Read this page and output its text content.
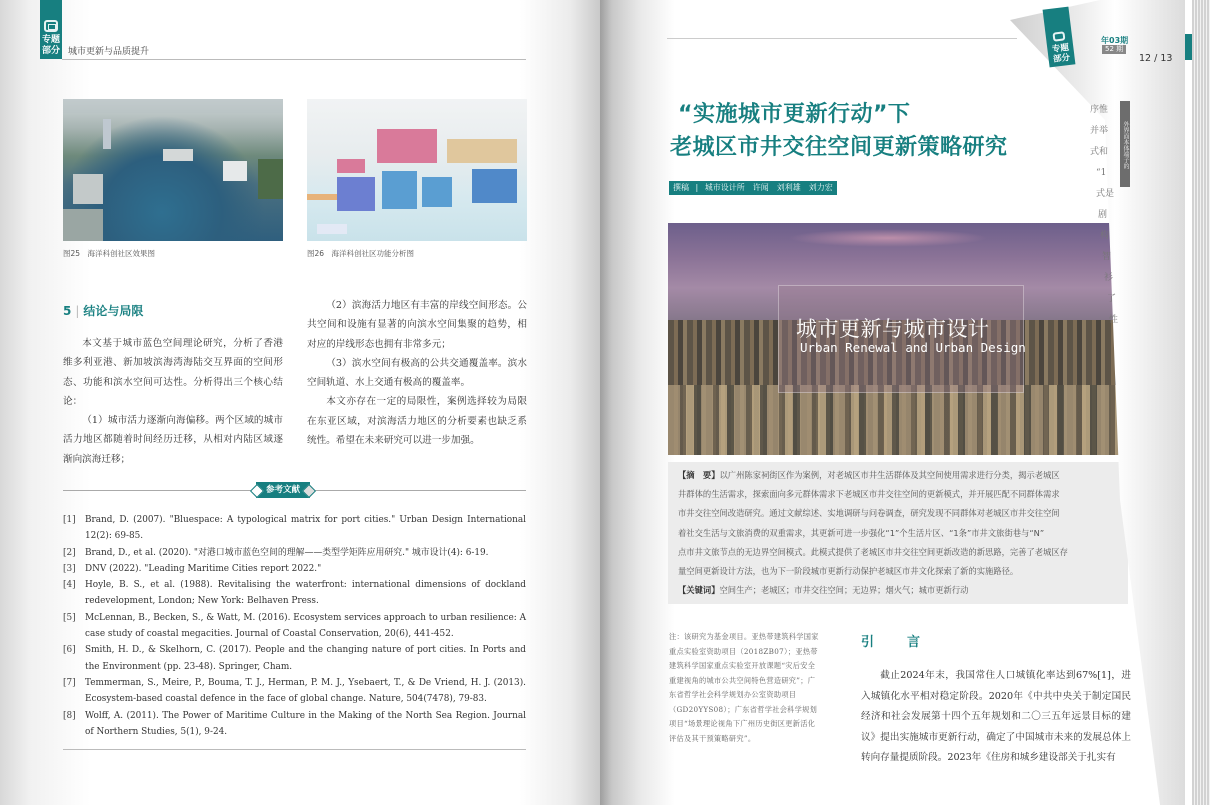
专题
部分 城市更新与品质提升
图25　海洋科创社区效果图	图26　海洋科创社区功能分析图
5 | 结论与局限

本文基于城市蓝色空间理论研究，分析了香港维多利亚港、新加坡滨海湾海陆交互界面的空间形态、功能和滨水空间可达性。分析得出三个核心结论：

（1）城市活力逐渐向海偏移。两个区域的城市活力地区都随着时间经历迁移，从相对内陆区域逐渐向滨海迁移；

（2）滨海活力地区有丰富的岸线空间形态。公共空间和设施有显著的向滨水空间集聚的趋势，相对应的岸线形态也拥有非常多元；

（3）滨水空间有极高的公共交通覆盖率。滨水空间轨道、水上交通有极高的覆盖率。

本文亦存在一定的局限性，案例选择较为局限在东亚区域，对滨海活力地区的分析要素也缺乏系统性。希望在未来研究可以进一步加强。

参考文献
[1]	Brand, D. (2007). "Bluespace: A typological matrix for port cities." Urban Design International 12(2): 69-85.
[2]	Brand, D., et al. (2020). "对港口城市蓝色空间的理解——类型学矩阵应用研究." 城市设计(4): 6-19.
[3]	DNV (2022). "Leading Maritime Cities report 2022."
[4]	Hoyle, B. S., et al. (1988). Revitalising the waterfront: international dimensions of dockland redevelopment, London; New York: Belhaven Press.
[5]	McLennan, B., Becken, S., & Watt, M. (2016). Ecosystem services approach to urban resilience: A case study of coastal megacities. Journal of Coastal Conservation, 20(6), 441-452.
[6]	Smith, H. D., & Skelhorn, C. (2017). People and the changing nature of port cities. In Ports and the Environment (pp. 23-48). Springer, Cham.
[7]	Temmerman, S., Meire, P., Bouma, T. J., Herman, P. M. J., Ysebaert, T., & De Vriend, H. J. (2013). Ecosystem-based coastal defence in the face of global change. Nature, 504(7478), 79-83.
[8]	Wolff, A. (2011). The Power of Maritime Culture in the Making of the North Sea Region. Journal of Northern Studies, 5(1), 9-24.
“实施城市更新行动”下
老城区市井交往空间更新策略研究
撰稿 | 城市设计所　许闻　刘利雄　刘力宏
城市更新与城市设计
Urban Renewal and Urban Design
【摘　要】以广州陈家祠街区作为案例，对老城区市井生活群体及其空间使用需求进行分类，揭示老城区
井群体的生活需求，探索面向多元群体需求下老城区市井交往空间的更新模式，并开展匹配不同群体需求
市井交往空间改造研究。通过文献综述、实地调研与问卷调查，研究发现不同群体对老城区市井交往空间
着社交生活与文旅消费的双重需求，其更新可进一步强化“1”个生活片区、“1条”市井文旅街巷与“N”
点市井文旅节点的无边界空间模式。此模式提供了老城区市井交往空间更新改造的新思路，完善了老城区存
量空间更新设计方法，也为下一阶段城市更新行动保护老城区市井文化探索了新的实施路径。
【关键词】空间生产；老城区；市井交往空间；无边界；烟火气；城市更新行动
注：该研究为基金项目。亚热带建筑科学国家重点实验室资助项目（2018ZB07）；亚热带建筑科学国家重点实验室开放课题“灾后安全重建视角的城市公共空间特色营造研究”；广东省哲学社会科学规划办公室资助项目（GD20YYS08）；广东省哲学社会科学规划项目“场景理论视角下广州历史街区更新活化评估及其干预策略研究”。
引　言

截止2024年末，我国常住人口城镇化率达到67%[1]，进入城镇化水平相对稳定阶段。2020年《中共中央关于制定国民经济和社会发展第十四个五年规划和二〇三五年远景目标的建议》提出实施城市更新行动，确定了中国城市未来的发展总体上转向存量提质阶段。2023年《住房和城乡建设部关于扎实有

专题
部分
年03期
52 期
外界面本体端子的
序惟
并举
式和
“1
式是
剧
构
智
衫
了
性
12 / 13
